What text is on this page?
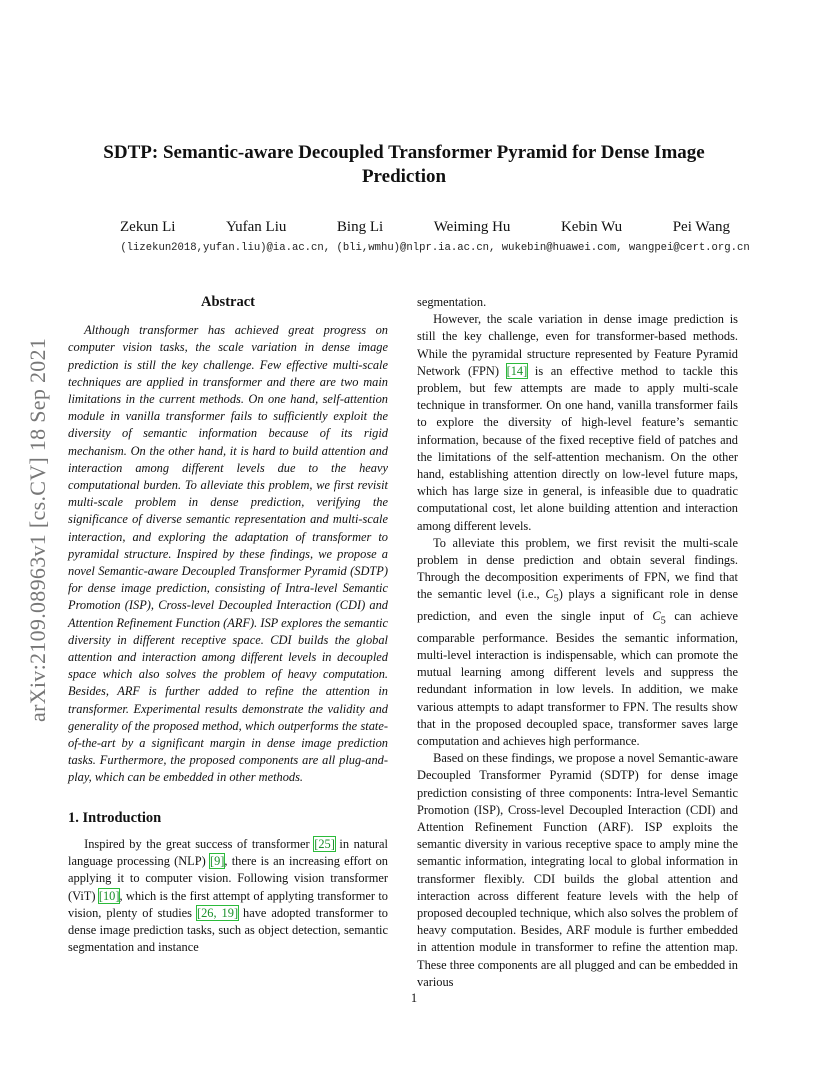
arXiv:2109.08963v1 [cs.CV] 18 Sep 2021
SDTP: Semantic-aware Decoupled Transformer Pyramid for Dense Image Prediction
Zekun Li	Yufan Liu	Bing Li	Weiming Hu	Kebin Wu	Pei Wang
(lizekun2018,yufan.liu)@ia.ac.cn, (bli,wmhu)@nlpr.ia.ac.cn, wukebin@huawei.com, wangpei@cert.org.cn
Abstract

Although transformer has achieved great progress on computer vision tasks, the scale variation in dense image prediction is still the key challenge. Few effective multi-scale techniques are applied in transformer and there are two main limitations in the current methods. On one hand, self-attention module in vanilla transformer fails to sufficiently exploit the diversity of semantic information because of its rigid mechanism. On the other hand, it is hard to build attention and interaction among different levels due to the heavy computational burden. To alleviate this problem, we first revisit multi-scale problem in dense prediction, verifying the significance of diverse semantic representation and multi-scale interaction, and exploring the adaptation of transformer to pyramidal structure. Inspired by these findings, we propose a novel Semantic-aware Decoupled Transformer Pyramid (SDTP) for dense image prediction, consisting of Intra-level Semantic Promotion (ISP), Cross-level Decoupled Interaction (CDI) and Attention Refinement Function (ARF). ISP explores the semantic diversity in different receptive space. CDI builds the global attention and interaction among different levels in decoupled space which also solves the problem of heavy computation. Besides, ARF is further added to refine the attention in transformer. Experimental results demonstrate the validity and generality of the proposed method, which outperforms the state-of-the-art by a significant margin in dense image prediction tasks. Furthermore, the proposed components are all plug-and-play, which can be embedded in other methods.

1. Introduction

Inspired by the great success of transformer [25] in natural language processing (NLP) [9], there is an increasing effort on applying it to computer vision. Following vision transformer (ViT) [10], which is the first attempt of applyting transformer to vision, plenty of studies [26, 19] have adopted transformer to dense image prediction tasks, such as object detection, semantic segmentation and instance

segmentation.

However, the scale variation in dense image prediction is still the key challenge, even for transformer-based methods. While the pyramidal structure represented by Feature Pyramid Network (FPN) [14] is an effective method to tackle this problem, but few attempts are made to apply multi-scale technique in transformer. On one hand, vanilla transformer fails to explore the diversity of high-level feature’s semantic information, because of the fixed receptive field of patches and the limitations of the self-attention mechanism. On the other hand, establishing attention directly on low-level future maps, which has large size in general, is infeasible due to quadratic computational cost, let alone building attention and interaction among different levels.

To alleviate this problem, we first revisit the multi-scale problem in dense prediction and obtain several findings. Through the decomposition experiments of FPN, we find that the semantic level (i.e., $C_5$) plays a significant role in dense prediction, and even the single input of $C_5$ can achieve comparable performance. Besides the semantic information, multi-level interaction is indispensable, which can promote the mutual learning among different levels and suppress the redundant information in low levels. In addition, we make various attempts to adapt transformer to FPN. The results show that in the proposed decoupled space, transformer saves large computation and achieves high performance.

Based on these findings, we propose a novel Semantic-aware Decoupled Transformer Pyramid (SDTP) for dense image prediction consisting of three components: Intra-level Semantic Promotion (ISP), Cross-level Decoupled Interaction (CDI) and Attention Refinement Function (ARF). ISP exploits the semantic diversity in various receptive space to amply mine the semantic information, integrating local to global information in transformer flexibly. CDI builds the global attention and interaction across different feature levels with the help of proposed decoupled technique, which also solves the problem of heavy computation. Besides, ARF module is further embedded in attention module in transformer to refine the attention map. These three components are all plugged and can be embedded in various

1
